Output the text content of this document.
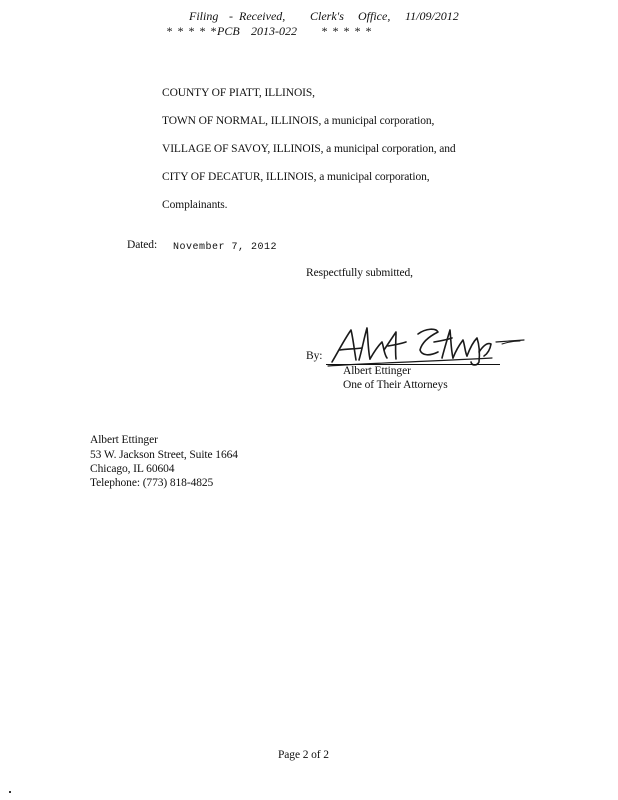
Filing - Received, Clerk's Office, 11/09/2012
* * * * * PCB 2013-022 * * * * *
COUNTY OF PIATT, ILLINOIS,
TOWN OF NORMAL, ILLINOIS, a municipal corporation,
VILLAGE OF SAVOY, ILLINOIS, a municipal corporation, and
CITY OF DECATUR, ILLINOIS, a municipal corporation,
Complainants.
Dated: November 7, 2012
Respectfully submitted,
By:
Albert Ettinger
One of Their Attorneys
Albert Ettinger
53 W. Jackson Street, Suite 1664
Chicago, IL 60604
Telephone: (773) 818-4825
Page 2 of 2
